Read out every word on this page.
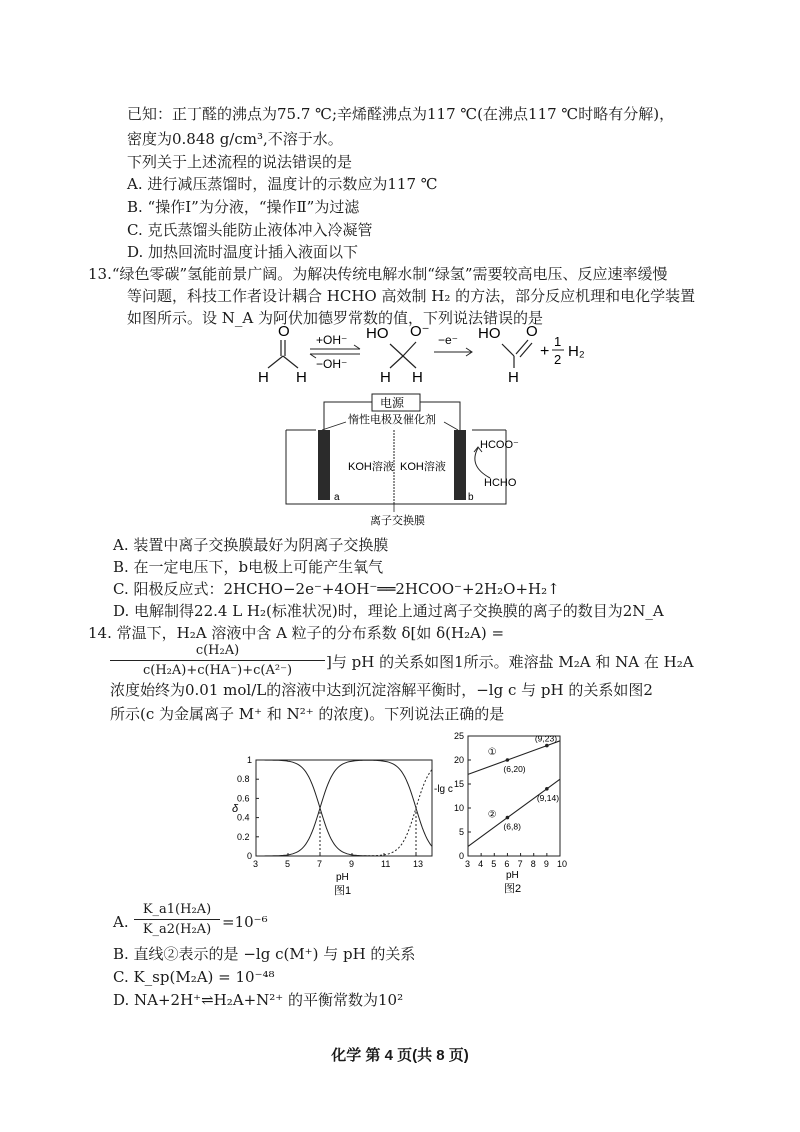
已知：正丁醛的沸点为75.7 ℃;辛烯醛沸点为117 ℃(在沸点117 ℃时略有分解)，
密度为0.848 g/cm³,不溶于水。
下列关于上述流程的说法错误的是
A. 进行减压蒸馏时，温度计的示数应为117 ℃
B. “操作Ⅰ”为分液，“操作Ⅱ”为过滤
C. 克氏蒸馏头能防止液体冲入冷凝管
D. 加热回流时温度计插入液面以下
13.“绿色零碳”氢能前景广阔。为解决传统电解水制“绿氢”需要较高电压、反应速率缓慢
等问题，科技工作者设计耦合 HCHO 高效制 H₂ 的方法，部分反应机理和电化学装置
如图所示。设 N_A 为阿伏加德罗常数的值，下列说法错误的是
O
H H
+OH⁻
−OH⁻
HO O⁻
H H
−e⁻ HO O
H
+
1
2 H₂
电源
惰性电极及催化剂
a	b
KOH溶液 KOH溶液
HCOO⁻
HCHO
离子交换膜
A. 装置中离子交换膜最好为阴离子交换膜
B. 在一定电压下，b电极上可能产生氧气
C. 阳极反应式：2HCHO−2e⁻+4OH⁻══2HCOO⁻+2H₂O+H₂↑
D. 电解制得22.4 L H₂(标准状况)时，理论上通过离子交换膜的离子的数目为2N_A
14. 常温下，H₂A 溶液中含 A 粒子的分布系数 δ[如 δ(H₂A) =
c(H₂A)
c(H₂A)+c(HA⁻)+c(A²⁻)	]与 pH 的关系如图1所示。难溶盐 M₂A 和 NA 在 H₂A
浓度始终为0.01 mol/L的溶液中达到沉淀溶解平衡时，−lg c 与 pH 的关系如图2
所示(c 为金属离子 M⁺ 和 N²⁺ 的浓度)。下列说法正确的是
3	5	7	9	11	13
0
0.2
0.4
0.6
0.8
1
pH
δ
图1
3 4 5 6 7 8 9 10
0
5
10
15
20
25
(6,20)
(9,23)
(6,8)
(9,14)
①
②
pH
-lg c
图2
A.
K_a1(H₂A)
K_a2(H₂A) =10⁻⁶
B. 直线②表示的是 −lg c(M⁺) 与 pH 的关系
C. K_sp(M₂A) = 10⁻⁴⁸
D. NA+2H⁺⇌H₂A+N²⁺ 的平衡常数为10²
化学 第 4 页(共 8 页)
